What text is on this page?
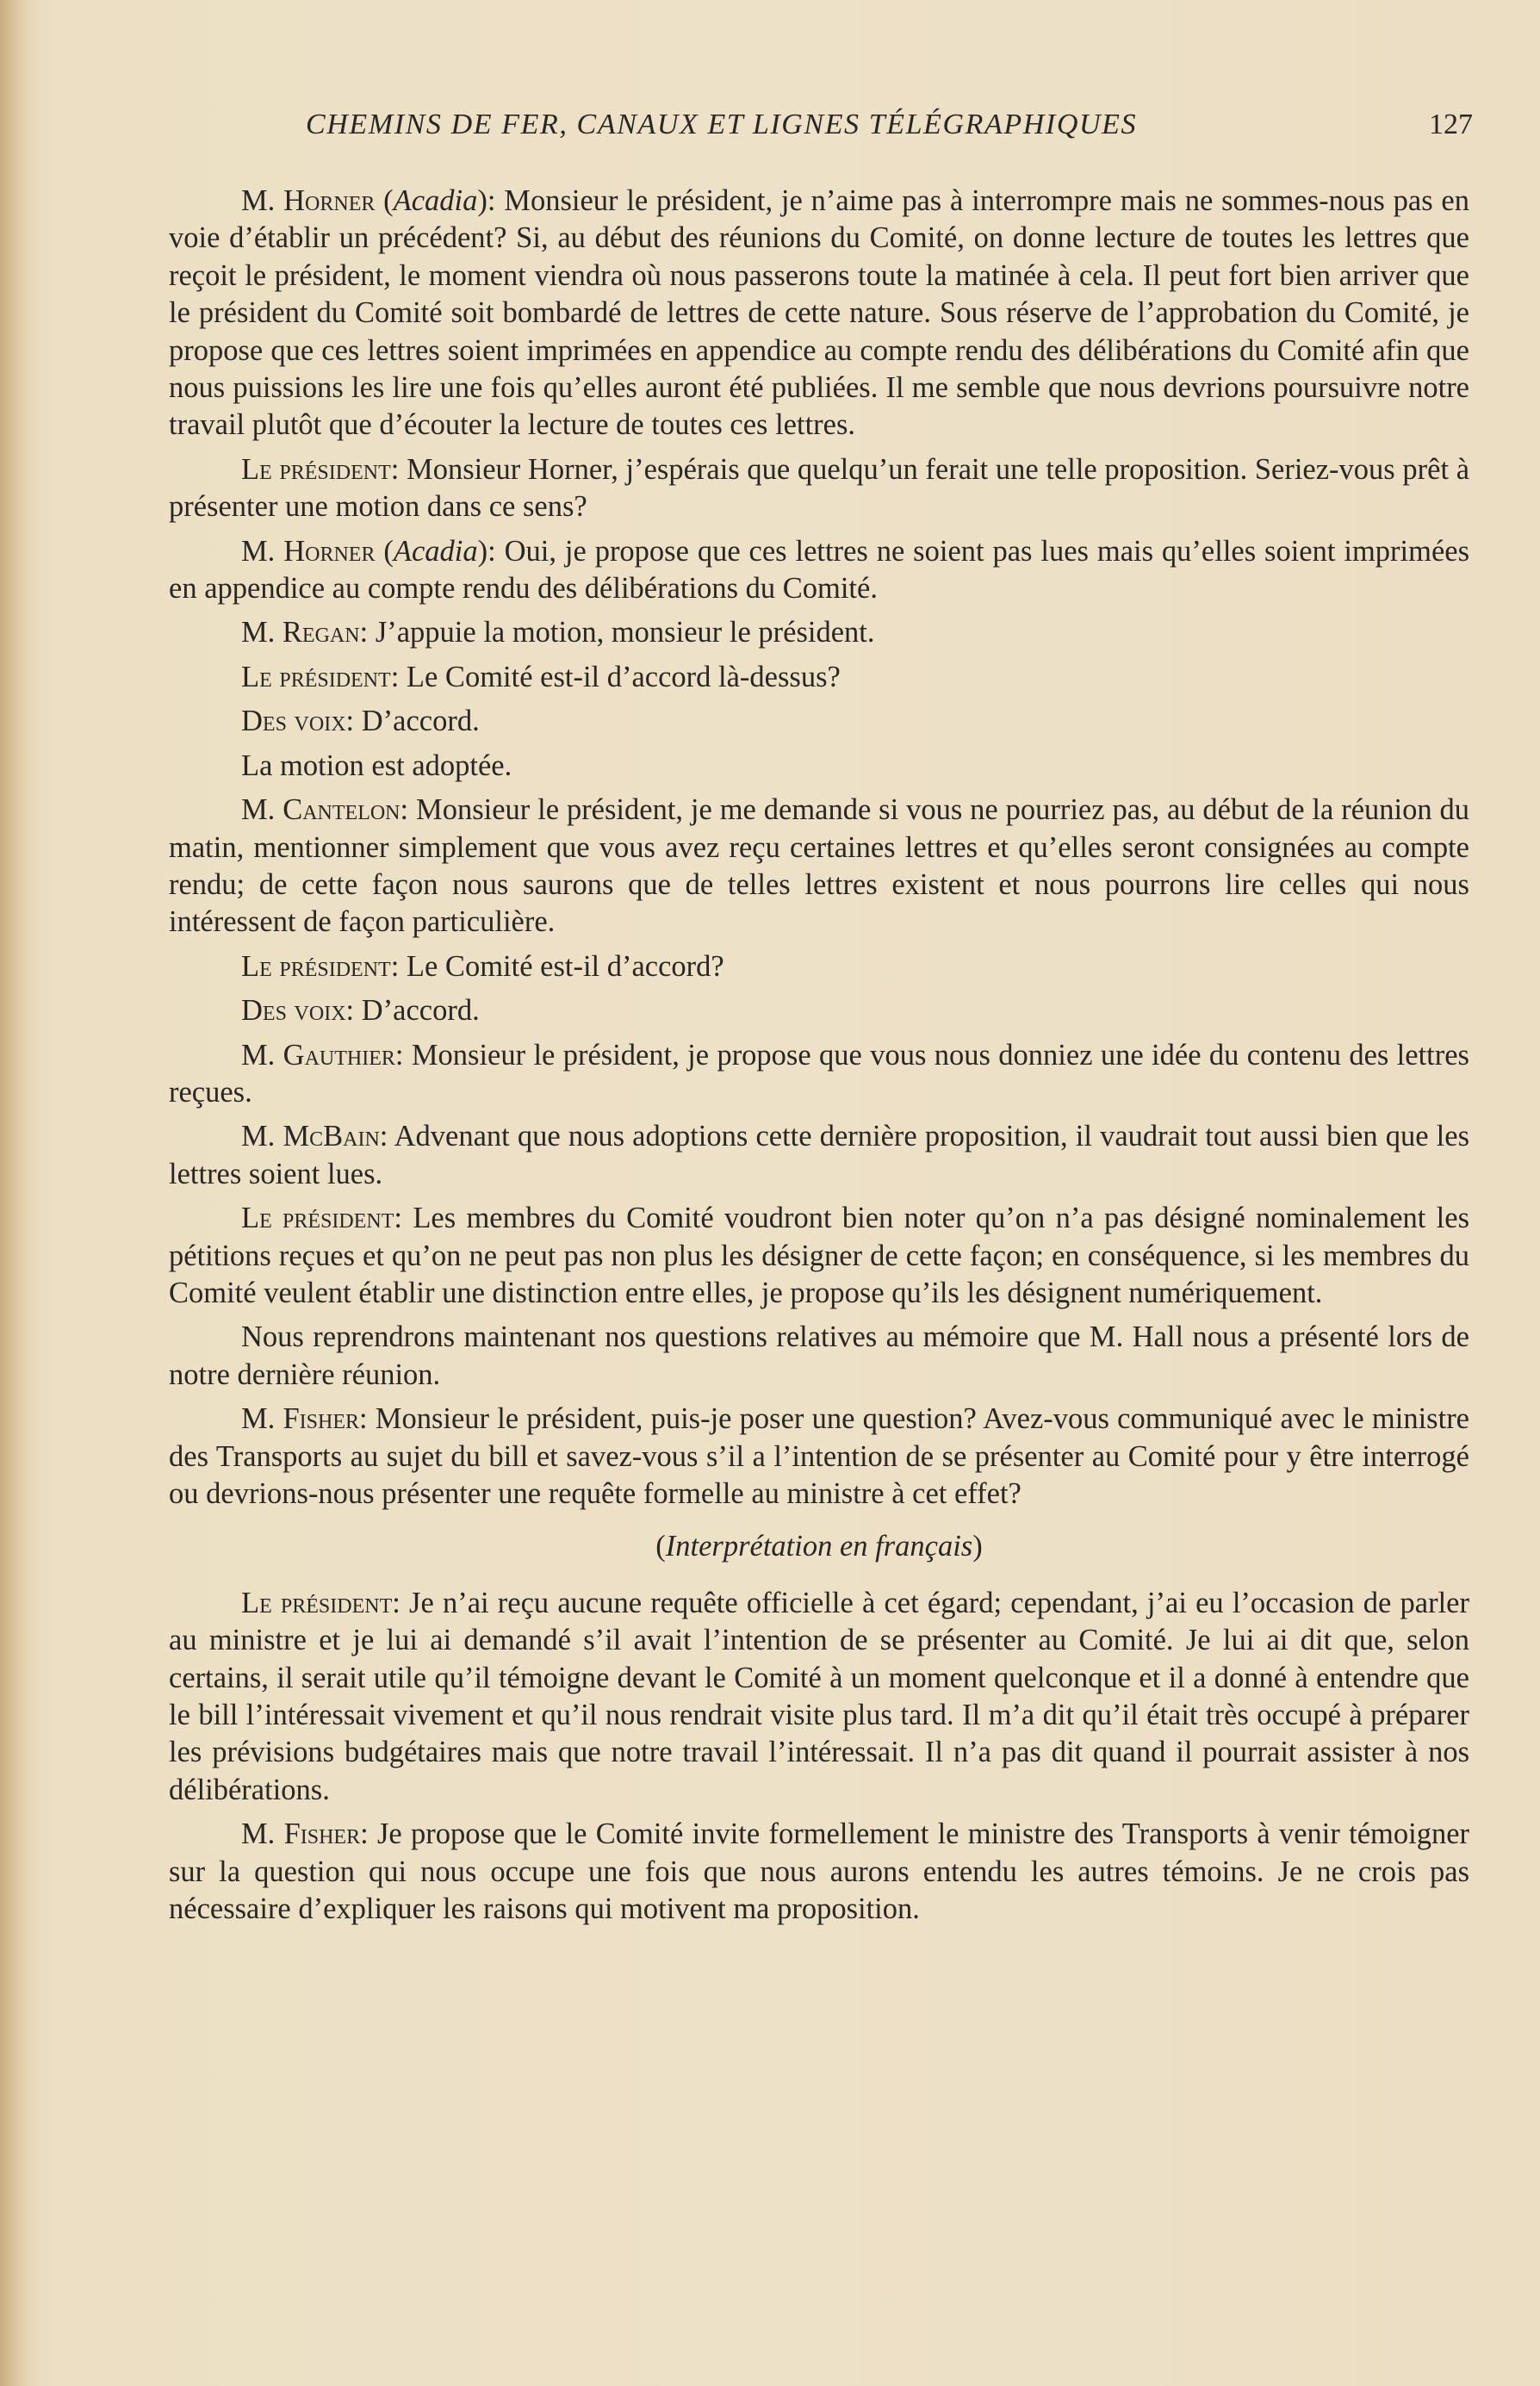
CHEMINS DE FER, CANAUX ET LIGNES TÉLÉGRAPHIQUES	127

M. Horner (Acadia): Monsieur le président, je n’aime pas à interrompre mais ne sommes-nous pas en voie d’établir un précédent? Si, au début des réunions du Comité, on donne lecture de toutes les lettres que reçoit le président, le moment viendra où nous passerons toute la matinée à cela. Il peut fort bien arriver que le président du Comité soit bombardé de lettres de cette nature. Sous réserve de l’approbation du Comité, je propose que ces lettres soient imprimées en appendice au compte rendu des délibérations du Comité afin que nous puissions les lire une fois qu’elles auront été publiées. Il me semble que nous devrions poursuivre notre travail plutôt que d’écouter la lecture de toutes ces lettres.

Le président: Monsieur Horner, j’espérais que quelqu’un ferait une telle proposition. Seriez-vous prêt à présenter une motion dans ce sens?

M. Horner (Acadia): Oui, je propose que ces lettres ne soient pas lues mais qu’elles soient imprimées en appendice au compte rendu des délibérations du Comité.

M. Regan: J’appuie la motion, monsieur le président.

Le président: Le Comité est-il d’accord là-dessus?

Des voix: D’accord.

La motion est adoptée.

M. Cantelon: Monsieur le président, je me demande si vous ne pourriez pas, au début de la réunion du matin, mentionner simplement que vous avez reçu certaines lettres et qu’elles seront consignées au compte rendu; de cette façon nous saurons que de telles lettres existent et nous pourrons lire celles qui nous intéressent de façon particulière.

Le président: Le Comité est-il d’accord?

Des voix: D’accord.

M. Gauthier: Monsieur le président, je propose que vous nous donniez une idée du contenu des lettres reçues.

M. McBain: Advenant que nous adoptions cette dernière proposition, il vaudrait tout aussi bien que les lettres soient lues.

Le président: Les membres du Comité voudront bien noter qu’on n’a pas désigné nominalement les pétitions reçues et qu’on ne peut pas non plus les désigner de cette façon; en conséquence, si les membres du Comité veulent établir une distinction entre elles, je propose qu’ils les désignent numériquement.

Nous reprendrons maintenant nos questions relatives au mémoire que M. Hall nous a présenté lors de notre dernière réunion.

M. Fisher: Monsieur le président, puis-je poser une question? Avez-vous communiqué avec le ministre des Transports au sujet du bill et savez-vous s’il a l’intention de se présenter au Comité pour y être interrogé ou devrions-nous présenter une requête formelle au ministre à cet effet?

(Interprétation en français)

Le président: Je n’ai reçu aucune requête officielle à cet égard; cependant, j’ai eu l’occasion de parler au ministre et je lui ai demandé s’il avait l’intention de se présenter au Comité. Je lui ai dit que, selon certains, il serait utile qu’il témoigne devant le Comité à un moment quelconque et il a donné à entendre que le bill l’intéressait vivement et qu’il nous rendrait visite plus tard. Il m’a dit qu’il était très occupé à préparer les prévisions budgétaires mais que notre travail l’intéressait. Il n’a pas dit quand il pourrait assister à nos délibérations.

M. Fisher: Je propose que le Comité invite formellement le ministre des Transports à venir témoigner sur la question qui nous occupe une fois que nous aurons entendu les autres témoins. Je ne crois pas nécessaire d’expliquer les raisons qui motivent ma proposition.
